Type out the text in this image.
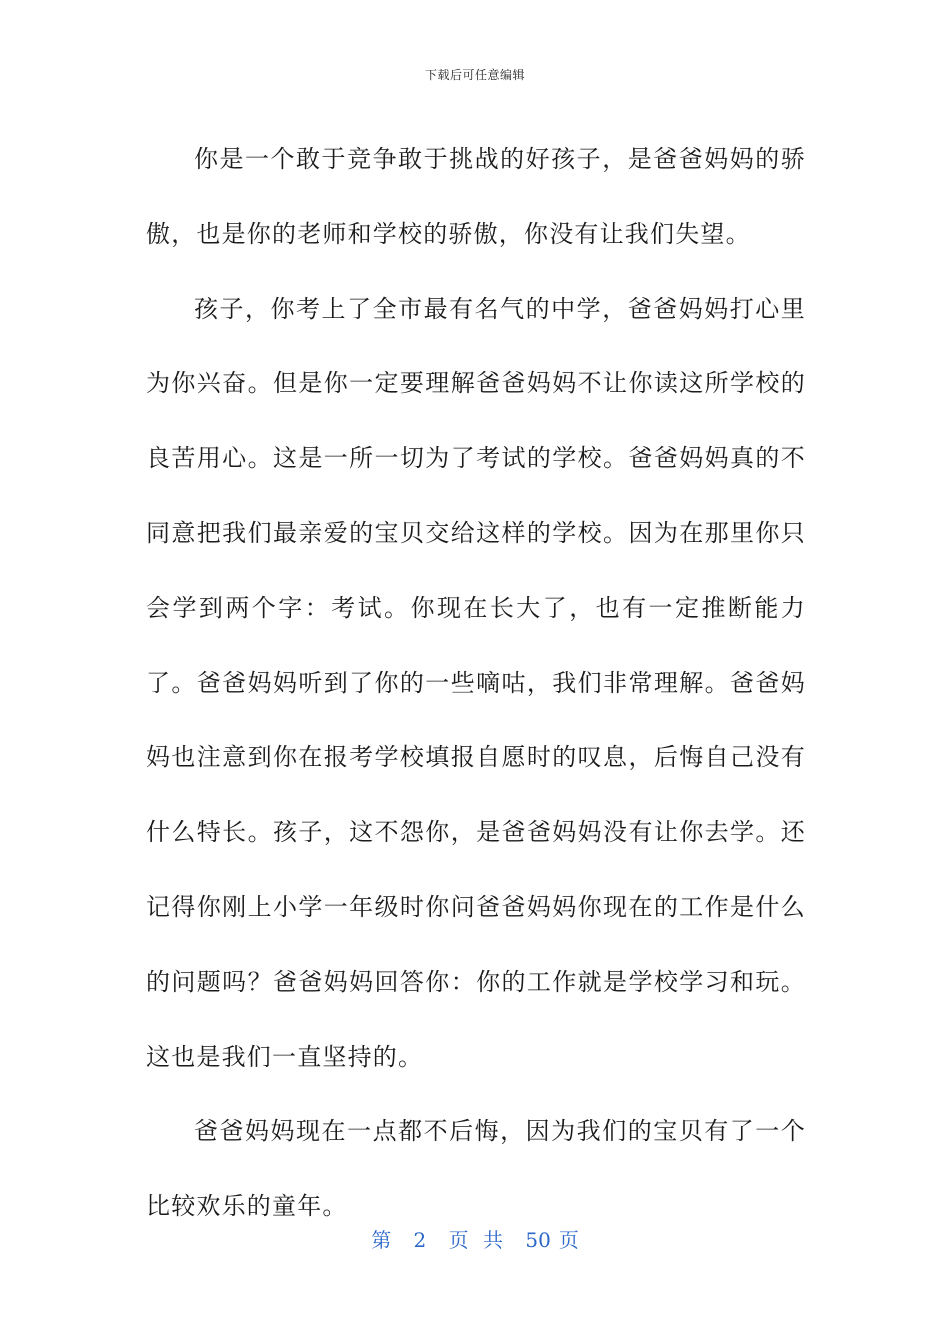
下载后可任意编辑

你是一个敢于竞争敢于挑战的好孩子，是爸爸妈妈的骄傲，也是你的老师和学校的骄傲，你没有让我们失望。

孩子，你考上了全市最有名气的中学，爸爸妈妈打心里为你兴奋。但是你一定要理解爸爸妈妈不让你读这所学校的良苦用心。这是一所一切为了考试的学校。爸爸妈妈真的不同意把我们最亲爱的宝贝交给这样的学校。因为在那里你只会学到两个字：考试。你现在长大了，也有一定推断能力了。爸爸妈妈听到了你的一些嘀咕，我们非常理解。爸爸妈妈也注意到你在报考学校填报自愿时的叹息，后悔自己没有什么特长。孩子，这不怨你，是爸爸妈妈没有让你去学。还记得你刚上小学一年级时你问爸爸妈妈你现在的工作是什么的问题吗？爸爸妈妈回答你：你的工作就是学校学习和玩。这也是我们一直坚持的。

爸爸妈妈现在一点都不后悔，因为我们的宝贝有了一个比较欢乐的童年。

第 2 页 共 50 页
